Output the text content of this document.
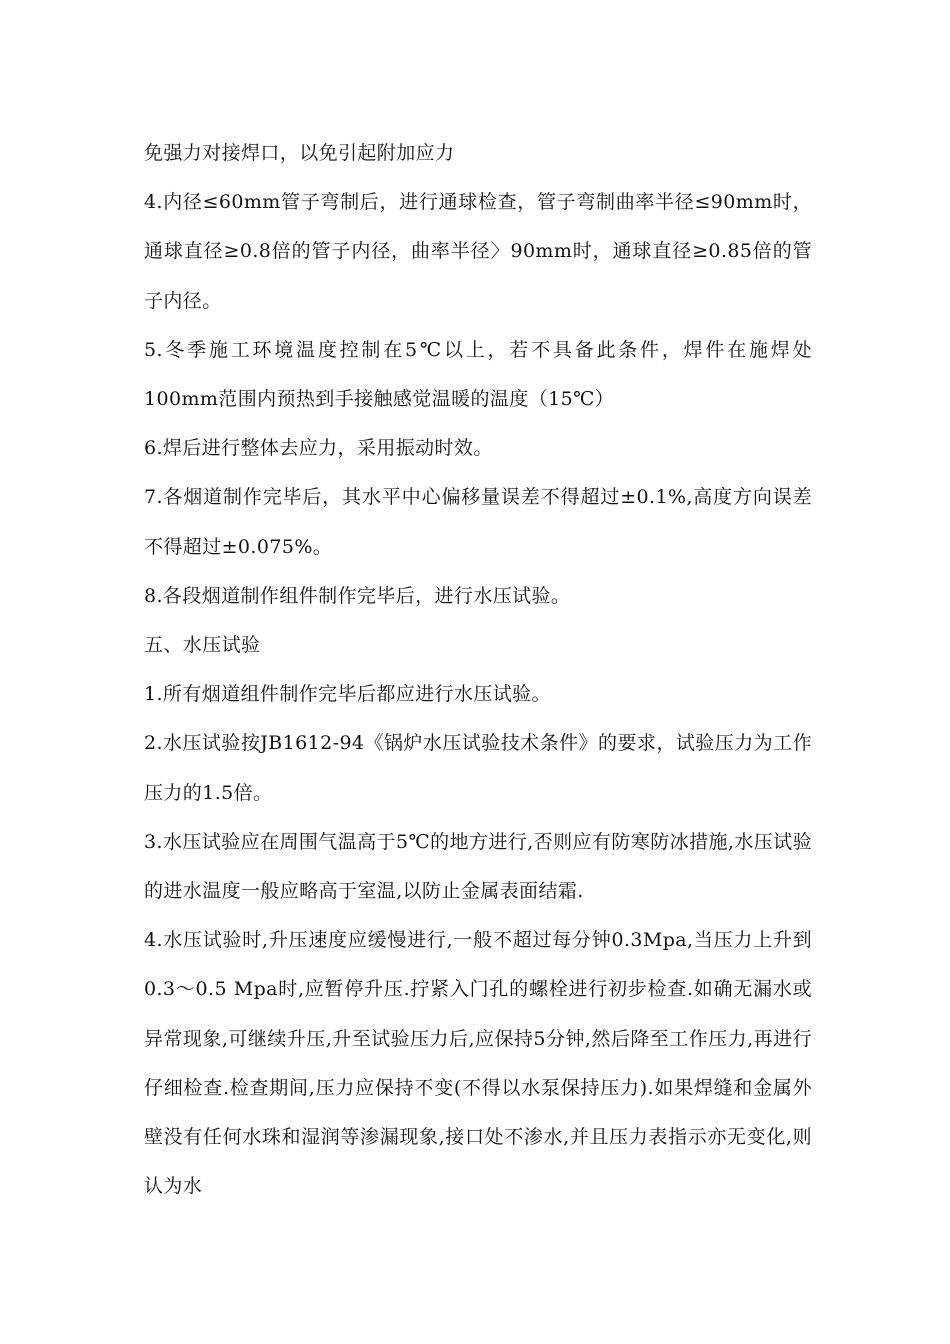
免强力对接焊口，以免引起附加应力

4.内径≤60mm管子弯制后，进行通球检查，管子弯制曲率半径≤90mm时，通球直径≥0.8倍的管子内径，曲率半径〉90mm时，通球直径≥0.85倍的管子内径。

5.冬季施工环境温度控制在5℃以上，若不具备此条件，焊件在施焊处100mm范围内预热到手接触感觉温暖的温度（15℃）

6.焊后进行整体去应力，采用振动时效。

7.各烟道制作完毕后，其水平中心偏移量误差不得超过±0.1%,高度方向误差不得超过±0.075%。

8.各段烟道制作组件制作完毕后，进行水压试验。

五、水压试验

1.所有烟道组件制作完毕后都应进行水压试验。

2.水压试验按JB1612-94《锅炉水压试验技术条件》的要求，试验压力为工作压力的1.5倍。

3.水压试验应在周围气温高于5℃的地方进行,否则应有防寒防冰措施,水压试验的进水温度一般应略高于室温,以防止金属表面结霜.

4.水压试验时,升压速度应缓慢进行,一般不超过每分钟0.3Mpa,当压力上升到0.3～0.5 Mpa时,应暂停升压.拧紧入门孔的螺栓进行初步检查.如确无漏水或异常现象,可继续升压,升至试验压力后,应保持5分钟,然后降至工作压力,再进行仔细检查.检查期间,压力应保持不变(不得以水泵保持压力).如果焊缝和金属外壁没有任何水珠和湿润等渗漏现象,接口处不渗水,并且压力表指示亦无变化,则认为水
